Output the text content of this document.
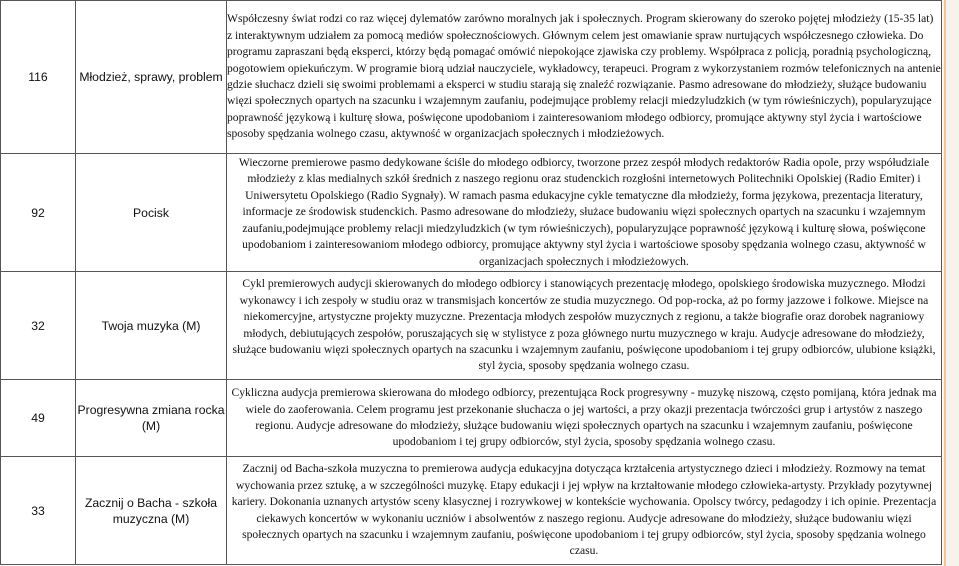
116	Młodzież, sprawy, problem	Współczesny świat rodzi co raz więcej dylematów zarówno moralnych jak i społecznych. Program skierowany do szeroko pojętej młodzieży (15-35 lat) z interaktywnym udziałem za pomocą mediów społecznościowych. Głównym celem jest omawianie spraw nurtujących współczesnego człowieka. Do programu zapraszani będą eksperci, którzy będą pomagać omówić niepokojące zjawiska czy problemy. Współpraca z policją, poradnią psychologiczną, pogotowiem opiekuńczym. W programie biorą udział nauczyciele, wykładowcy, terapeuci. Program z wykorzystaniem rozmów telefonicznych na antenie gdzie słuchacz dzieli się swoimi problemami a eksperci w studiu starają się znaleźć rozwiązanie. Pasmo adresowane do młodzieży, służące budowaniu więzi społecznych opartych na szacunku i wzajemnym zaufaniu, podejmujące problemy relacji miedzyludzkich (w tym rówieśniczych), popularyzujące poprawność językową i kulturę słowa, poświęcone upodobaniom i zainteresowaniom młodego odbiorcy, promujące aktywny styl życia i wartościowe sposoby spędzania wolnego czasu, aktywność w organizacjach społecznych i młodzieżowych.
92	Pocisk	Wieczorne premierowe pasmo dedykowane ściśle do młodego odbiorcy, tworzone przez zespół młodych redaktorów Radia opole, przy współudziale młodzieży z klas medialnych szkół średnich z naszego regionu oraz studenckich rozgłośni internetowych Politechniki Opolskiej (Radio Emiter) i Uniwersytetu Opolskiego (Radio Sygnały). W ramach pasma edukacyjne cykle tematyczne dla młodzieży, forma językowa, prezentacja literatury, informacje ze środowisk studenckich. Pasmo adresowane do młodzieży, służace budowaniu więzi społecznych opartych na szacunku i wzajemnym zaufaniu,podejmujące problemy relacji miedzyludzkich (w tym rówieśniczych), popularyzujące poprawność językową i kulturę słowa, poświęcone upodobaniom i zainteresowaniom młodego odbiorcy, promujące aktywny styl życia i wartościowe sposoby spędzania wolnego czasu, aktywność w organizacjach społecznych i młodzieżowych.
32	Twoja muzyka (M)	Cykl premierowych audycji skierowanych do młodego odbiorcy i stanowiących prezentację młodego, opolskiego środowiska muzycznego. Młodzi wykonawcy i ich zespoły w studiu oraz w transmisjach koncertów ze studia muzycznego. Od pop-rocka, aż po formy jazzowe i folkowe. Miejsce na niekomercyjne, artystyczne projekty muzyczne. Prezentacja młodych zespołów muzycznych z regionu, a także biografie oraz dorobek nagraniowy młodych, debiutujących zespołów, poruszających się w stylistyce z poza głównego nurtu muzycznego w kraju. Audycje adresowane do młodzieży, służące budowaniu więzi społecznych opartych na szacunku i wzajemnym zaufaniu, poświęcone upodobaniom i tej grupy odbiorców, ulubione książki, styl życia, sposoby spędzania wolnego czasu.
49	Progresywna zmiana rocka (M)	Cykliczna audycja premierowa skierowana do młodego odbiorcy, prezentująca Rock progresywny - muzykę niszową, często pomijaną, która jednak ma wiele do zaoferowania. Celem programu jest przekonanie słuchacza o jej wartości, a przy okazji prezentacja twórczości grup i artystów z naszego regionu. Audycje adresowane do młodzieży, służące budowaniu więzi społecznych opartych na szacunku i wzajemnym zaufaniu, poświęcone upodobaniom i tej grupy odbiorców, styl życia, sposoby spędzania wolnego czasu.
33	Zacznij o Bacha - szkoła muzyczna (M)	Zacznij od Bacha-szkoła muzyczna to premierowa audycja edukacyjna dotycząca krztałcenia artystycznego dzieci i młodzieży. Rozmowy na temat wychowania przez sztukę, a w szczególności muzykę. Etapy edukacji i jej wpływ na krztałtowanie młodego człowieka-artysty. Przykłady pozytywnej kariery. Dokonania uznanych artystów sceny klasycznej i rozrywkowej w kontekście wychowania. Opolscy twórcy, pedagodzy i ich opinie. Prezentacja ciekawych koncertów w wykonaniu uczniów i absolwentów z naszego regionu. Audycje adresowane do młodzieży, służące budowaniu więzi społecznych opartych na szacunku i wzajemnym zaufaniu, poświęcone upodobaniom i tej grupy odbiorców, styl życia, sposoby spędzania wolnego czasu.
